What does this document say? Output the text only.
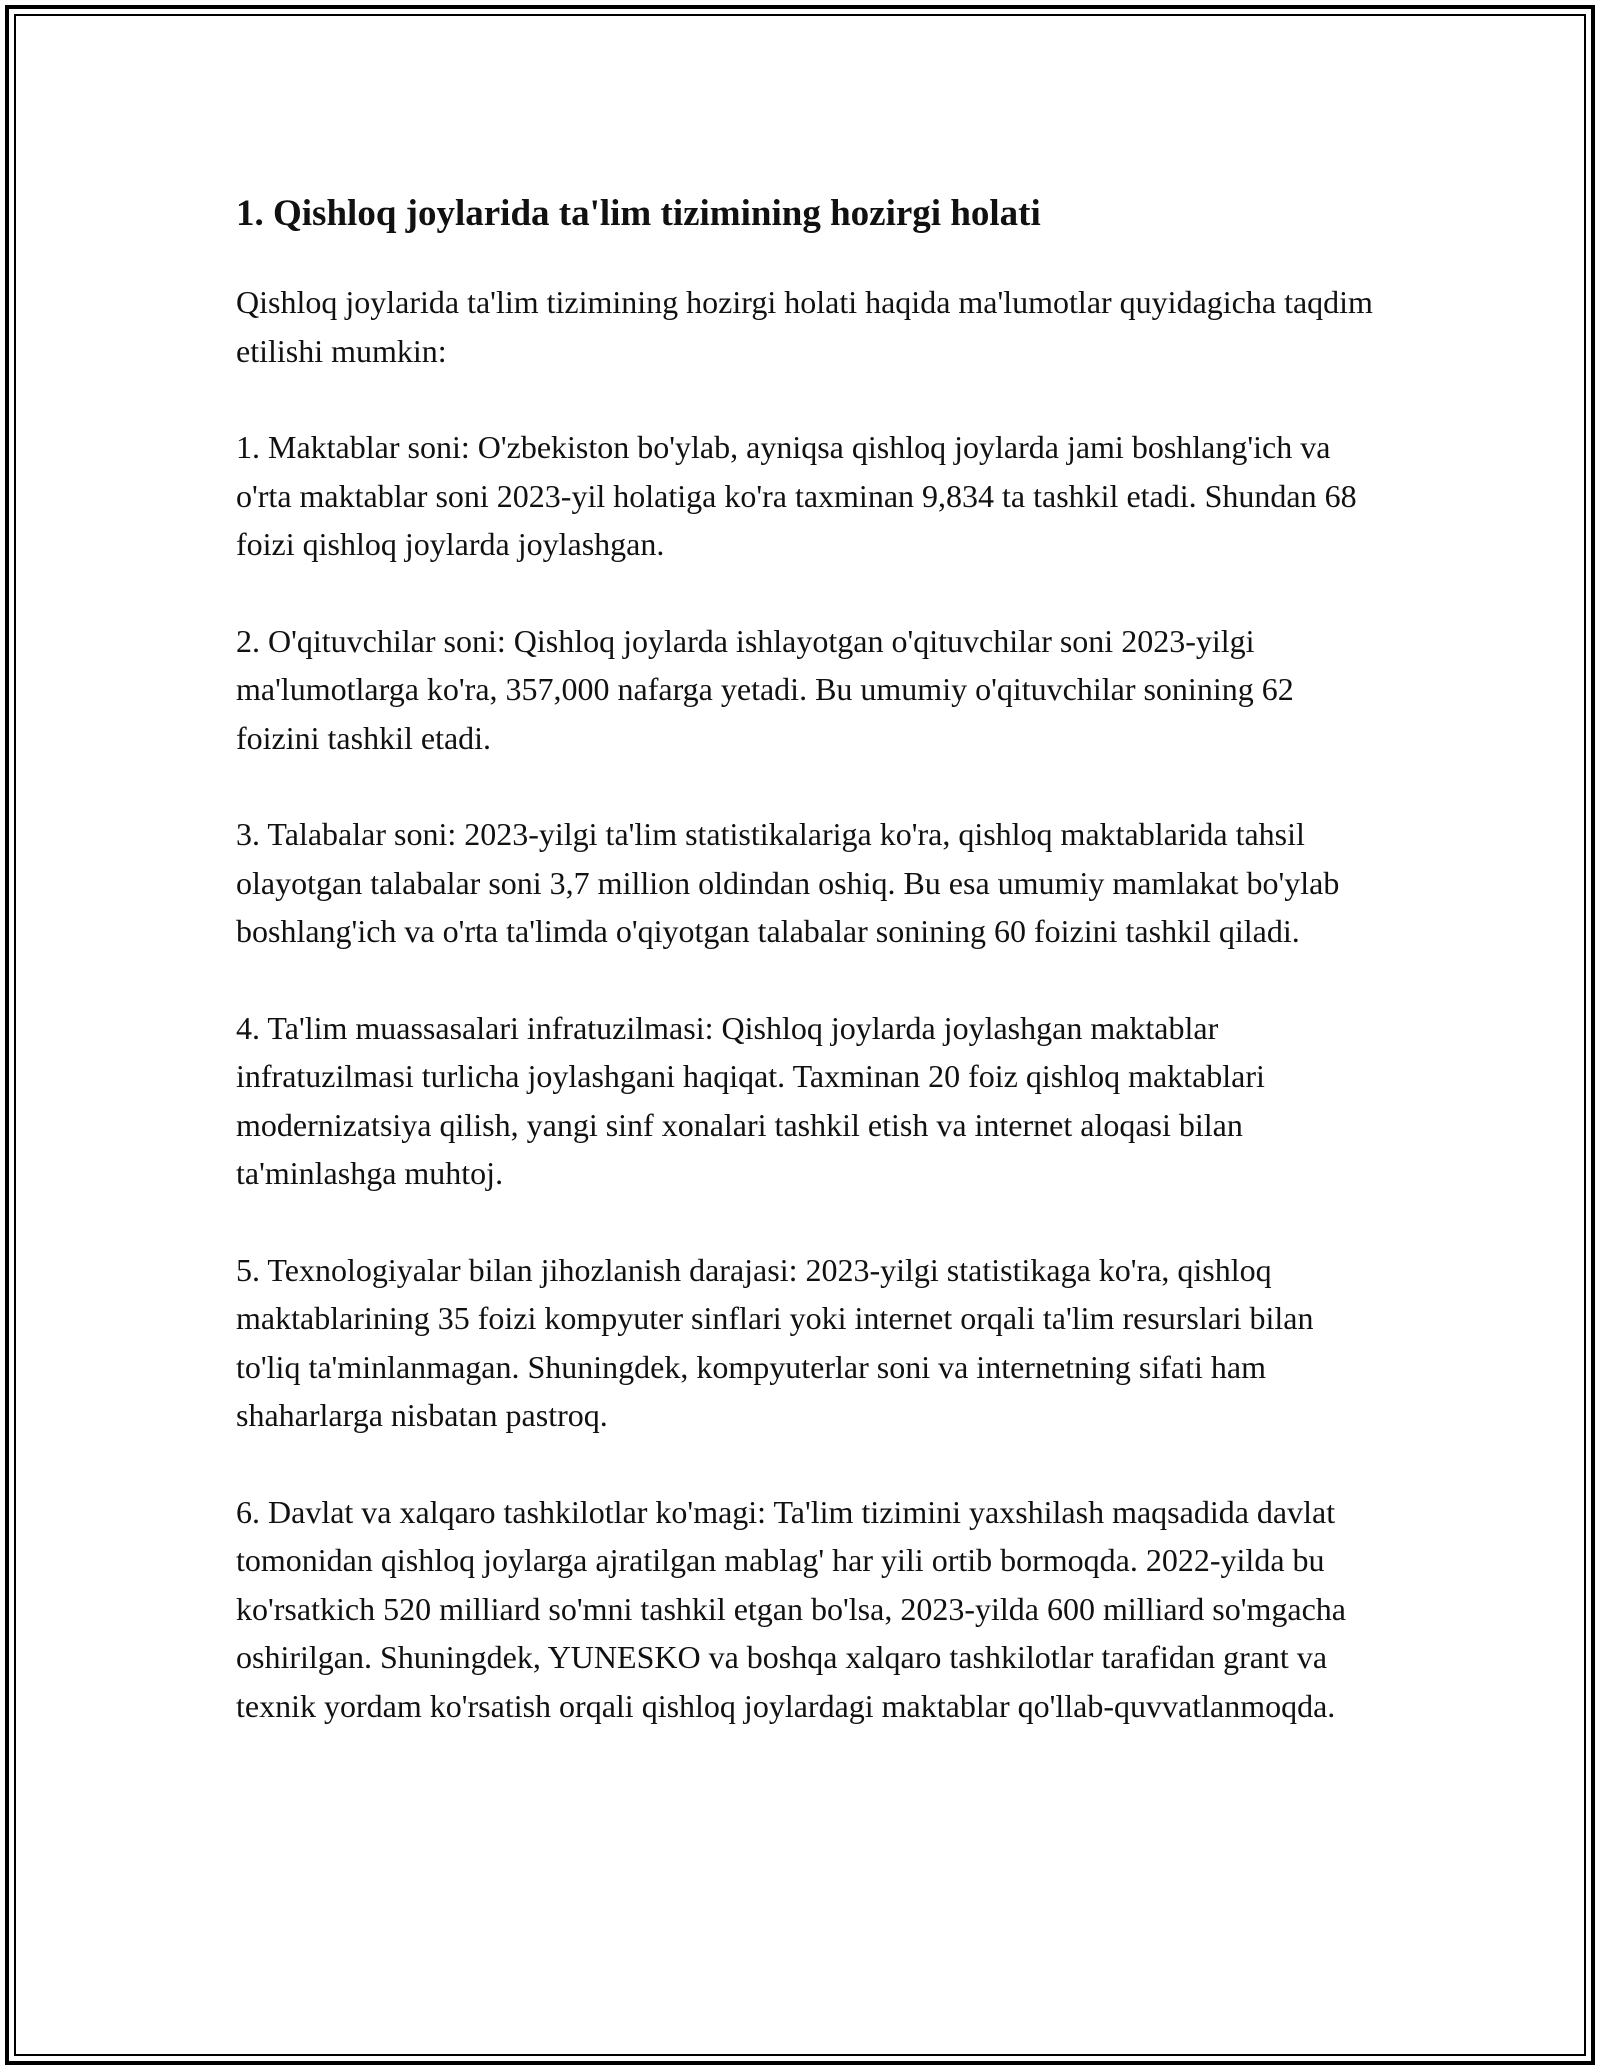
1. Qishloq joylarida ta'lim tizimining hozirgi holati

Qishloq joylarida ta'lim tizimining hozirgi holati haqida ma'lumotlar quyidagicha taqdim etilishi mumkin:

1. Maktablar soni: O'zbekiston bo'ylab, ayniqsa qishloq joylarda jami boshlang'ich va o'rta maktablar soni 2023-yil holatiga ko'ra taxminan 9,834 ta tashkil etadi. Shundan 68 foizi qishloq joylarda joylashgan.

2. O'qituvchilar soni: Qishloq joylarda ishlayotgan o'qituvchilar soni 2023-yilgi ma'lumotlarga ko'ra, 357,000 nafarga yetadi. Bu umumiy o'qituvchilar sonining 62 foizini tashkil etadi.

3. Talabalar soni: 2023-yilgi ta'lim statistikalariga ko'ra, qishloq maktablarida tahsil olayotgan talabalar soni 3,7 million oldindan oshiq. Bu esa umumiy mamlakat bo'ylab boshlang'ich va o'rta ta'limda o'qiyotgan talabalar sonining 60 foizini tashkil qiladi.

4. Ta'lim muassasalari infratuzilmasi: Qishloq joylarda joylashgan maktablar infratuzilmasi turlicha joylashgani haqiqat. Taxminan 20 foiz qishloq maktablari modernizatsiya qilish, yangi sinf xonalari tashkil etish va internet aloqasi bilan ta'minlashga muhtoj.

5. Texnologiyalar bilan jihozlanish darajasi: 2023-yilgi statistikaga ko'ra, qishloq maktablarining 35 foizi kompyuter sinflari yoki internet orqali ta'lim resurslari bilan to'liq ta'minlanmagan. Shuningdek, kompyuterlar soni va internetning sifati ham shaharlarga nisbatan pastroq.

6. Davlat va xalqaro tashkilotlar ko'magi: Ta'lim tizimini yaxshilash maqsadida davlat tomonidan qishloq joylarga ajratilgan mablag' har yili ortib bormoqda. 2022-yilda bu ko'rsatkich 520 milliard so'mni tashkil etgan bo'lsa, 2023-yilda 600 milliard so'mgacha oshirilgan. Shuningdek, YUNESKO va boshqa xalqaro tashkilotlar tarafidan grant va texnik yordam ko'rsatish orqali qishloq joylardagi maktablar qo'llab-quvvatlanmoqda.
